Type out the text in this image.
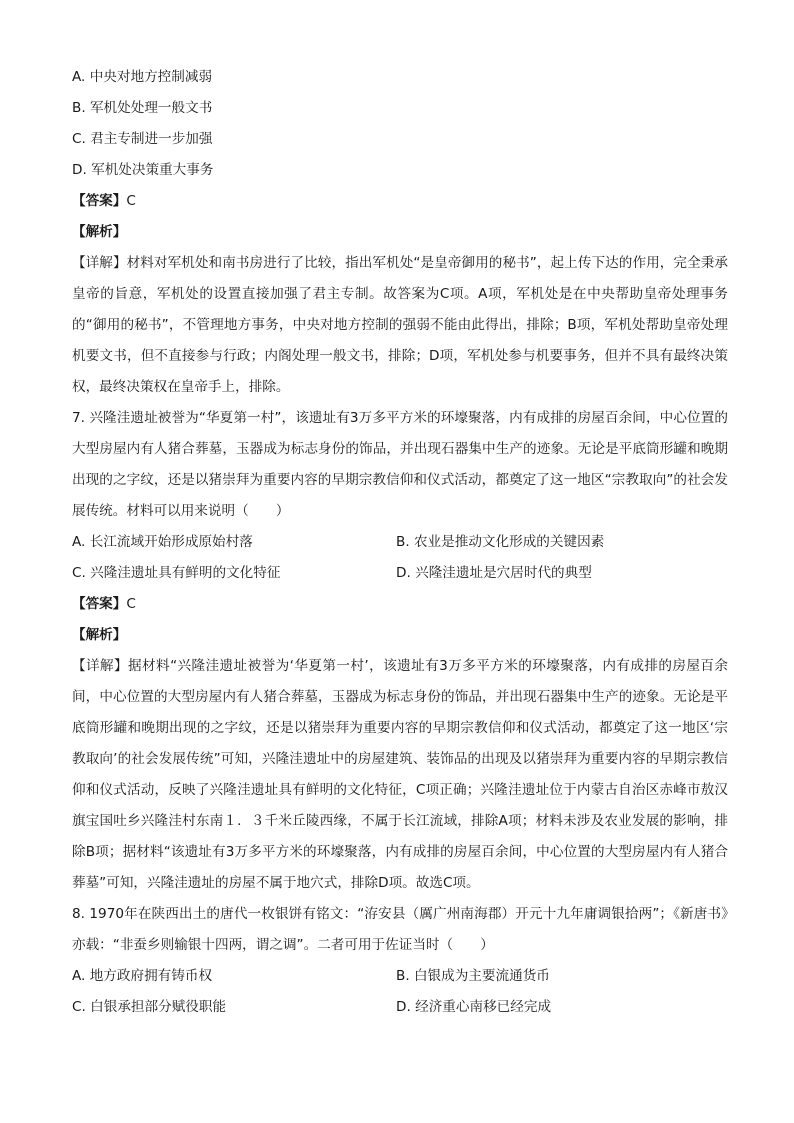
A. 中央对地方控制减弱
B. 军机处处理一般文书
C. 君主专制进一步加强
D. 军机处决策重大事务
【答案】C
【解析】
【详解】材料对军机处和南书房进行了比较，指出军机处“是皇帝御用的秘书”，起上传下达的作用，完全秉承皇帝的旨意，军机处的设置直接加强了君主专制。故答案为C项。A项，军机处是在中央帮助皇帝处理事务的“御用的秘书”，不管理地方事务，中央对地方控制的强弱不能由此得出，排除；B项，军机处帮助皇帝处理机要文书，但不直接参与行政；内阁处理一般文书，排除；D项，军机处参与机要事务，但并不具有最终决策权，最终决策权在皇帝手上，排除。
7. 兴隆洼遗址被誉为“华夏第一村”，该遗址有3万多平方米的环壕聚落，内有成排的房屋百余间，中心位置的大型房屋内有人猪合葬墓，玉器成为标志身份的饰品，并出现石器集中生产的迹象。无论是平底筒形罐和晚期出现的之字纹，还是以猪崇拜为重要内容的早期宗教信仰和仪式活动，都奠定了这一地区“宗教取向”的社会发展传统。材料可以用来说明（　　）
A. 长江流域开始形成原始村落	B. 农业是推动文化形成的关键因素
C. 兴隆洼遗址具有鲜明的文化特征	D. 兴隆洼遗址是穴居时代的典型
【答案】C
【解析】
【详解】据材料“兴隆洼遗址被誉为‘华夏第一村’，该遗址有3万多平方米的环壕聚落，内有成排的房屋百余间，中心位置的大型房屋内有人猪合葬墓，玉器成为标志身份的饰品，并出现石器集中生产的迹象。无论是平底筒形罐和晚期出现的之字纹，还是以猪崇拜为重要内容的早期宗教信仰和仪式活动，都奠定了这一地区‘宗教取向’的社会发展传统”可知，兴隆洼遗址中的房屋建筑、装饰品的出现及以猪崇拜为重要内容的早期宗教信仰和仪式活动，反映了兴隆洼遗址具有鲜明的文化特征，C项正确；兴隆洼遗址位于内蒙古自治区赤峰市敖汉旗宝国吐乡兴隆洼村东南１．３千米丘陵西缘，不属于长江流域，排除A项；材料未涉及农业发展的影响，排除B项；据材料“该遗址有3万多平方米的环壕聚落，内有成排的房屋百余间，中心位置的大型房屋内有人猪合葬墓”可知，兴隆洼遗址的房屋不属于地穴式，排除D项。故选C项。
8. 1970年在陕西出土的唐代一枚银饼有铭文：“洊安县（厲广州南海郡）开元十九年庸调银拾两”；《新唐书》亦载：“非蚕乡则输银十四两，谓之调”。二者可用于佐证当时（　　）
A. 地方政府拥有铸币权	B. 白银成为主要流通货币
C. 白银承担部分赋役职能	D. 经济重心南移已经完成
